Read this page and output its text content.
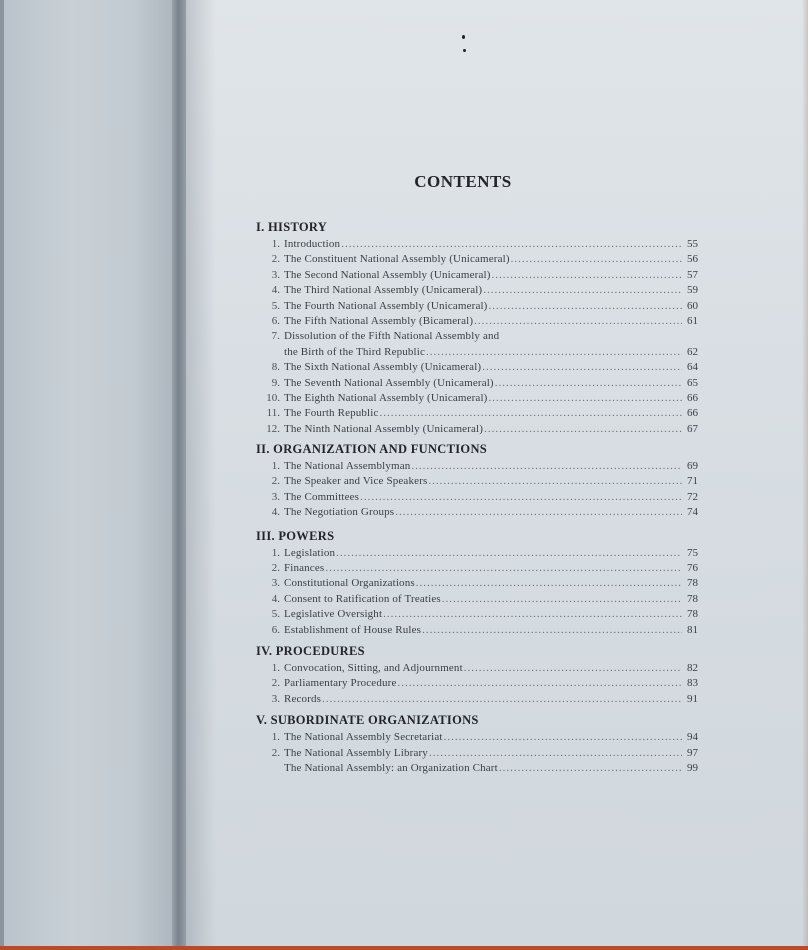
CONTENTS
I. HISTORY
1. Introduction .....	55
2. The Constituent National Assembly (Unicameral) .....	56
3. The Second National Assembly (Unicameral) .....	57
4. The Third National Assembly (Unicameral) .....	59
5. The Fourth National Assembly (Unicameral) .....	60
6. The Fifth National Assembly (Bicameral) .....	61
7. Dissolution of the Fifth National Assembly and
the Birth of the Third Republic .....	62
8. The Sixth National Assembly (Unicameral) .....	64
9. The Seventh National Assembly (Unicameral) .....	65
10. The Eighth National Assembly (Unicameral) .....	66
11. The Fourth Republic .....	66
12. The Ninth National Assembly (Unicameral) .....	67
II. ORGANIZATION AND FUNCTIONS
1. The National Assemblyman .....	69
2. The Speaker and Vice Speakers .....	71
3. The Committees .....	72
4. The Negotiation Groups .....	74
III. POWERS
1. Legislation .....	75
2. Finances .....	76
3. Constitutional Organizations .....	78
4. Consent to Ratification of Treaties .....	78
5. Legislative Oversight .....	78
6. Establishment of House Rules .....	81
IV. PROCEDURES
1. Convocation, Sitting, and Adjournment .....	82
2. Parliamentary Procedure .....	83
3. Records .....	91
V. SUBORDINATE ORGANIZATIONS
1. The National Assembly Secretariat .....	94
2. The National Assembly Library .....	97
The National Assembly: an Organization Chart .....	99
